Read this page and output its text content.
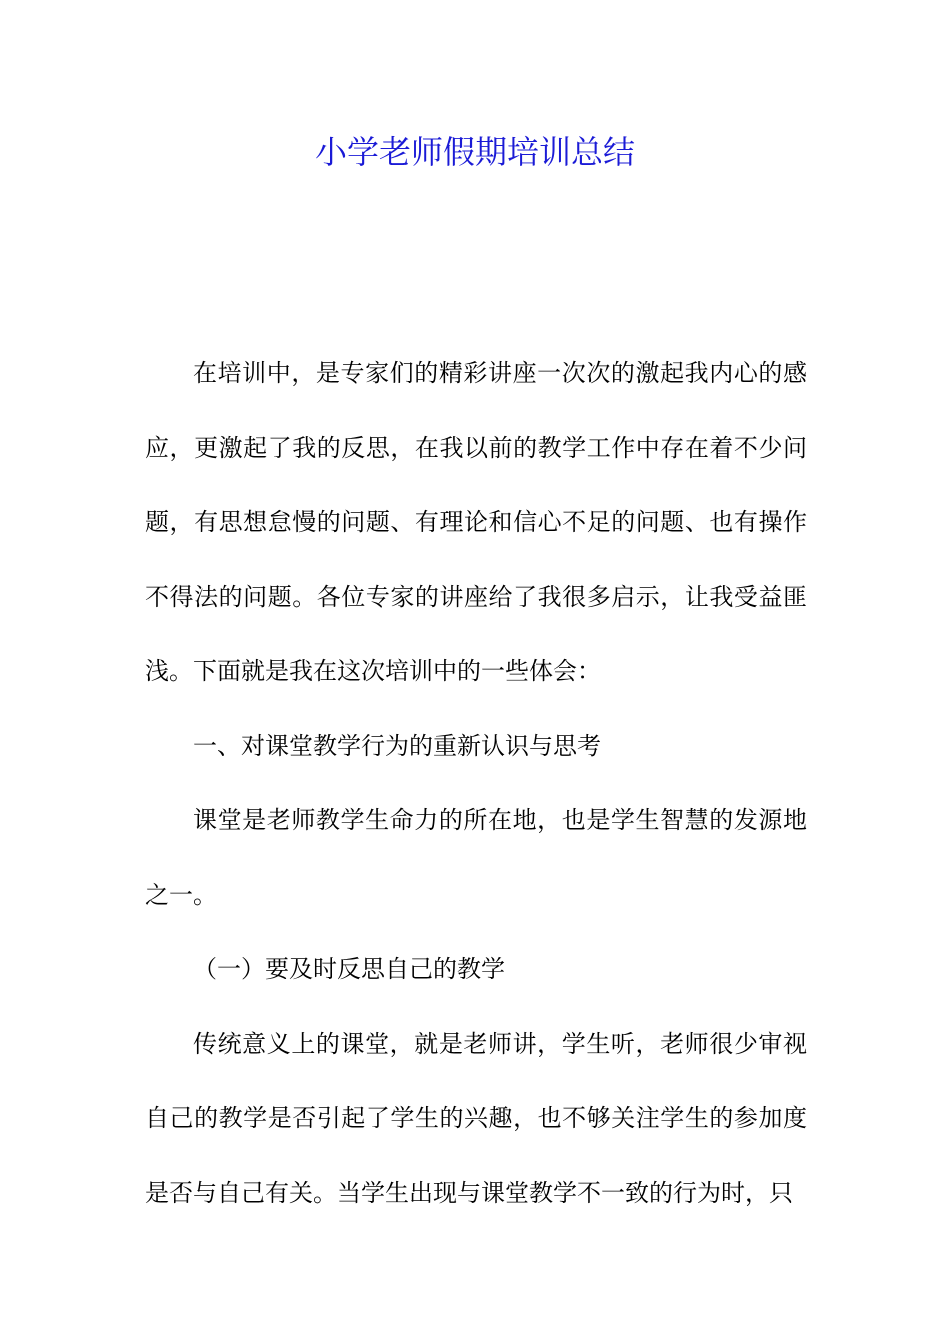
小学老师假期培训总结

在培训中，是专家们的精彩讲座一次次的激起我内心的感应，更激起了我的反思，在我以前的教学工作中存在着不少问题，有思想怠慢的问题、有理论和信心不足的问题、也有操作不得法的问题。各位专家的讲座给了我很多启示，让我受益匪浅。下面就是我在这次培训中的一些体会：

一、对课堂教学行为的重新认识与思考

课堂是老师教学生命力的所在地，也是学生智慧的发源地之一。

（一）要及时反思自己的教学

传统意义上的课堂，就是老师讲，学生听，老师很少审视自己的教学是否引起了学生的兴趣，也不够关注学生的参加度是否与自己有关。当学生出现与课堂教学不一致的行为时，只
